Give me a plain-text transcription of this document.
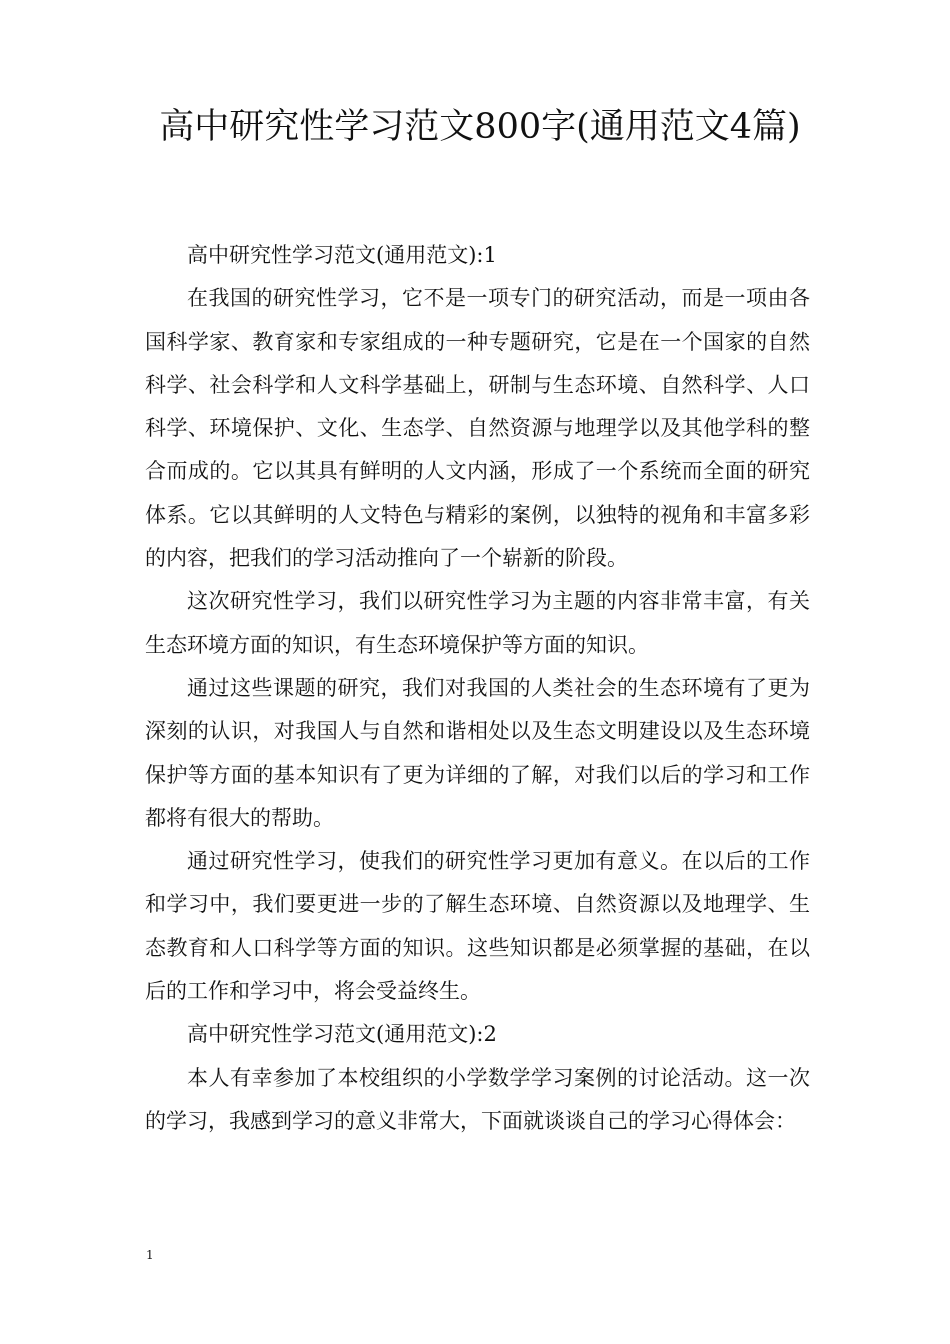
高中研究性学习范文800字(通用范文4篇)

高中研究性学习范文(通用范文):1

在我国的研究性学习，它不是一项专门的研究活动，而是一项由各国科学家、教育家和专家组成的一种专题研究，它是在一个国家的自然科学、社会科学和人文科学基础上，研制与生态环境、自然科学、人口科学、环境保护、文化、生态学、自然资源与地理学以及其他学科的整合而成的。它以其具有鲜明的人文内涵，形成了一个系统而全面的研究体系。它以其鲜明的人文特色与精彩的案例，以独特的视角和丰富多彩的内容，把我们的学习活动推向了一个崭新的阶段。

这次研究性学习，我们以研究性学习为主题的内容非常丰富，有关生态环境方面的知识，有生态环境保护等方面的知识。

通过这些课题的研究，我们对我国的人类社会的生态环境有了更为深刻的认识，对我国人与自然和谐相处以及生态文明建设以及生态环境保护等方面的基本知识有了更为详细的了解，对我们以后的学习和工作都将有很大的帮助。

通过研究性学习，使我们的研究性学习更加有意义。在以后的工作和学习中，我们要更进一步的了解生态环境、自然资源以及地理学、生态教育和人口科学等方面的知识。这些知识都是必须掌握的基础，在以后的工作和学习中，将会受益终生。

高中研究性学习范文(通用范文):2

本人有幸参加了本校组织的小学数学学习案例的讨论活动。这一次的学习，我感到学习的意义非常大，下面就谈谈自己的学习心得体会：

1
